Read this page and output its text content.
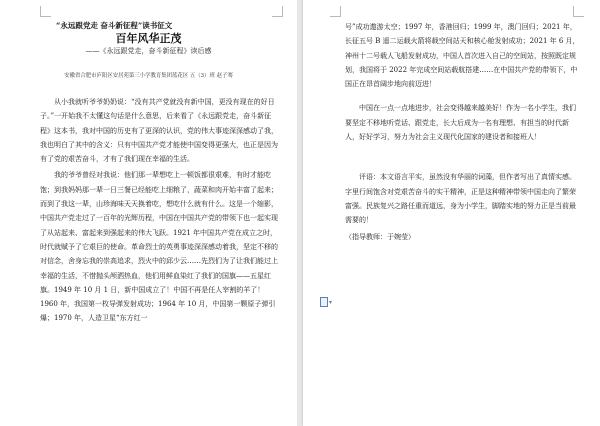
“永远跟党走 奋斗新征程”读书征文
百年风华正茂
——《永远跟党走，奋斗新征程》读后感
安徽省合肥市庐阳区安居苑第三小学教育集团蓝花区 五（3）班 赵子骞

从小我就听爷爷奶奶说：“没有共产党就没有新中国，更没有现在的好日子。”一开始我不太懂这句话是什么意思，后来看了《永远跟党走，奋斗新征程》这本书，我对中国的历史有了更深的认识，党的伟大事迹深深感动了我，我也明白了其中的含义：只有中国共产党才能使中国变得更强大，也正是因为有了党的艰苦奋斗，才有了我们现在幸福的生活。

我的爷爷曾经对我说：他们那一辈想吃上一顿饭都很艰难，有时才能吃饱；到我妈妈那一辈一日三餐已经能吃上细粮了，蔬菜和肉开始丰富了起来；而到了我这一辈，山珍海味天天换着吃，想吃什么就有什么。这是一个缩影，中国共产党走过了一百年的光辉历程，中国在中国共产党的带领下也一起实现了从站起来、富起来到强起来的伟大飞跃。1921 年中国共产党在成立之时，时代就赋予了它艰巨的使命。革命烈士的英勇事迹深深感动着我，坚定不移的对信念，舍身忘我的崇高追求，烈火中的邱少云……先烈们为了让我们能过上幸福的生活，不惜抛头颅洒热血，他们用鲜血染红了我们的国旗——五星红旗。1949 年 10 月 1 日，新中国成立了！中国不再是任人宰割的羊了！1960 年，我国第一枚导弹发射成功；1964 年 10 月，中国第一颗原子弹引爆；1970 年，人造卫星“东方红一

号”成功遨游太空；1997 年，香港回归；1999 年，澳门回归；2021 年，长征五号 B 遥二运载火箭将载空间站天和核心舱发射成功；2021 年 6 月，神州十二号载人飞船发射成功，中国人首次进入自己的空间站，按照既定规划，我国将于 2022 年完成空间站载航搭建……在中国共产党的带领下，中国正在昂首阔步地向前迈进！

中国在一点一点地进步，社会变得越来越美好！作为一名小学生，我们要坚定不移地听党话、跟党走，长大后成为一名有理想、有担当的时代新人，好好学习，努力为社会主义现代化国家的建设者和接班人！

评语：本文语言平实，虽然没有华丽的词藻，但作者写出了真情实感。字里行间饱含对党艰苦奋斗的实干精神，正是这种精神带领中国走向了繁荣富强。民族复兴之路任重而道远，身为小学生，脚踏实地的努力正是当前最需要的！

（指导教师：于婉莹）

▾
